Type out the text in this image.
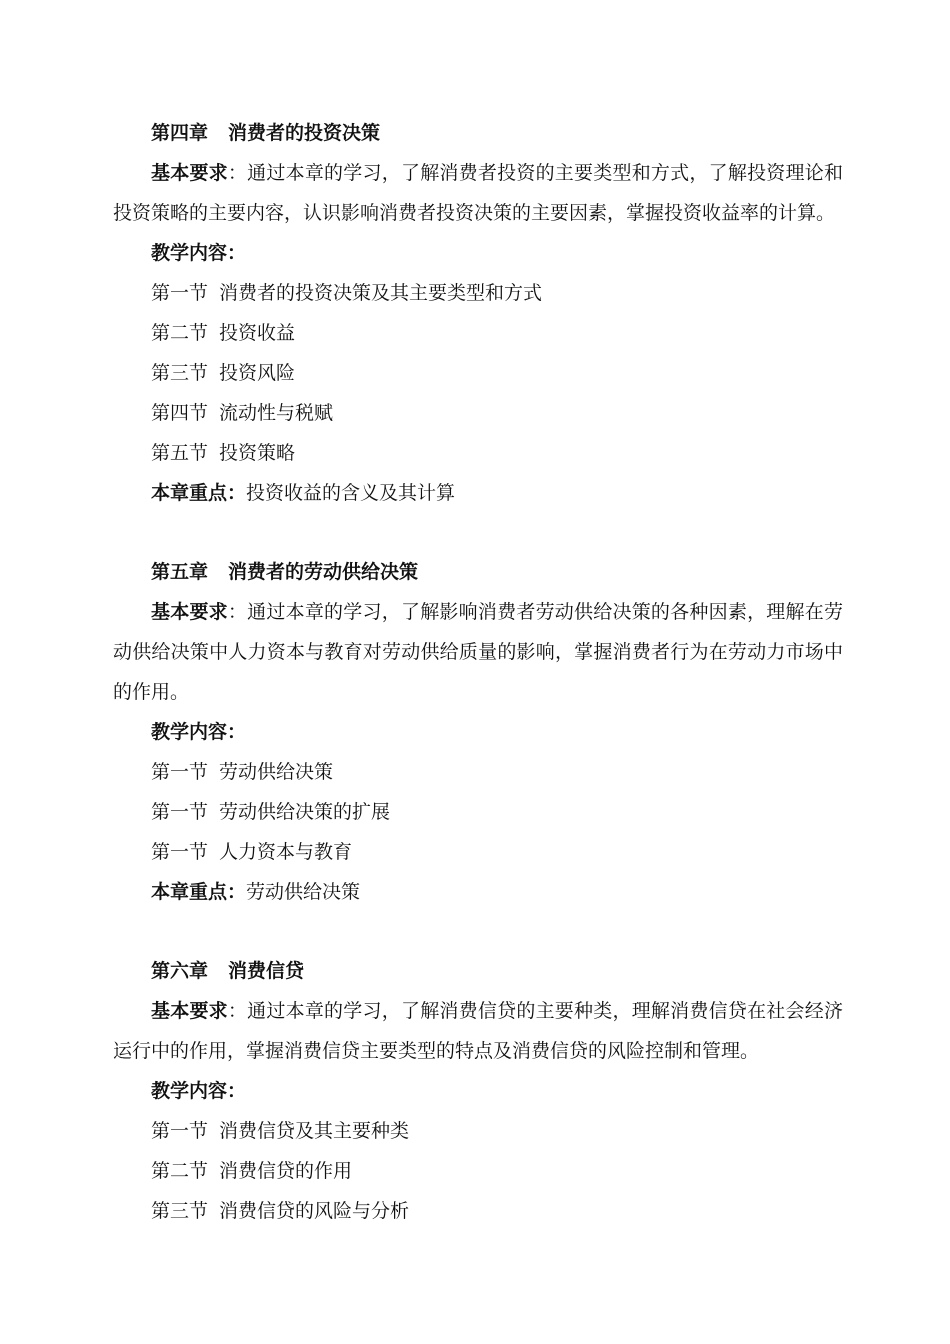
第四章 消费者的投资决策

基本要求：通过本章的学习，了解消费者投资的主要类型和方式，了解投资理论和投资策略的主要内容，认识影响消费者投资决策的主要因素，掌握投资收益率的计算。

教学内容：
第一节 消费者的投资决策及其主要类型和方式
第二节 投资收益
第三节 投资风险
第四节 流动性与税赋
第五节 投资策略
本章重点：投资收益的含义及其计算
第五章 消费者的劳动供给决策

基本要求：通过本章的学习，了解影响消费者劳动供给决策的各种因素，理解在劳动供给决策中人力资本与教育对劳动供给质量的影响，掌握消费者行为在劳动力市场中的作用。

教学内容：
第一节 劳动供给决策
第一节 劳动供给决策的扩展
第一节 人力资本与教育
本章重点：劳动供给决策
第六章 消费信贷

基本要求：通过本章的学习，了解消费信贷的主要种类，理解消费信贷在社会经济运行中的作用，掌握消费信贷主要类型的特点及消费信贷的风险控制和管理。

教学内容：
第一节 消费信贷及其主要种类
第二节 消费信贷的作用
第三节 消费信贷的风险与分析
